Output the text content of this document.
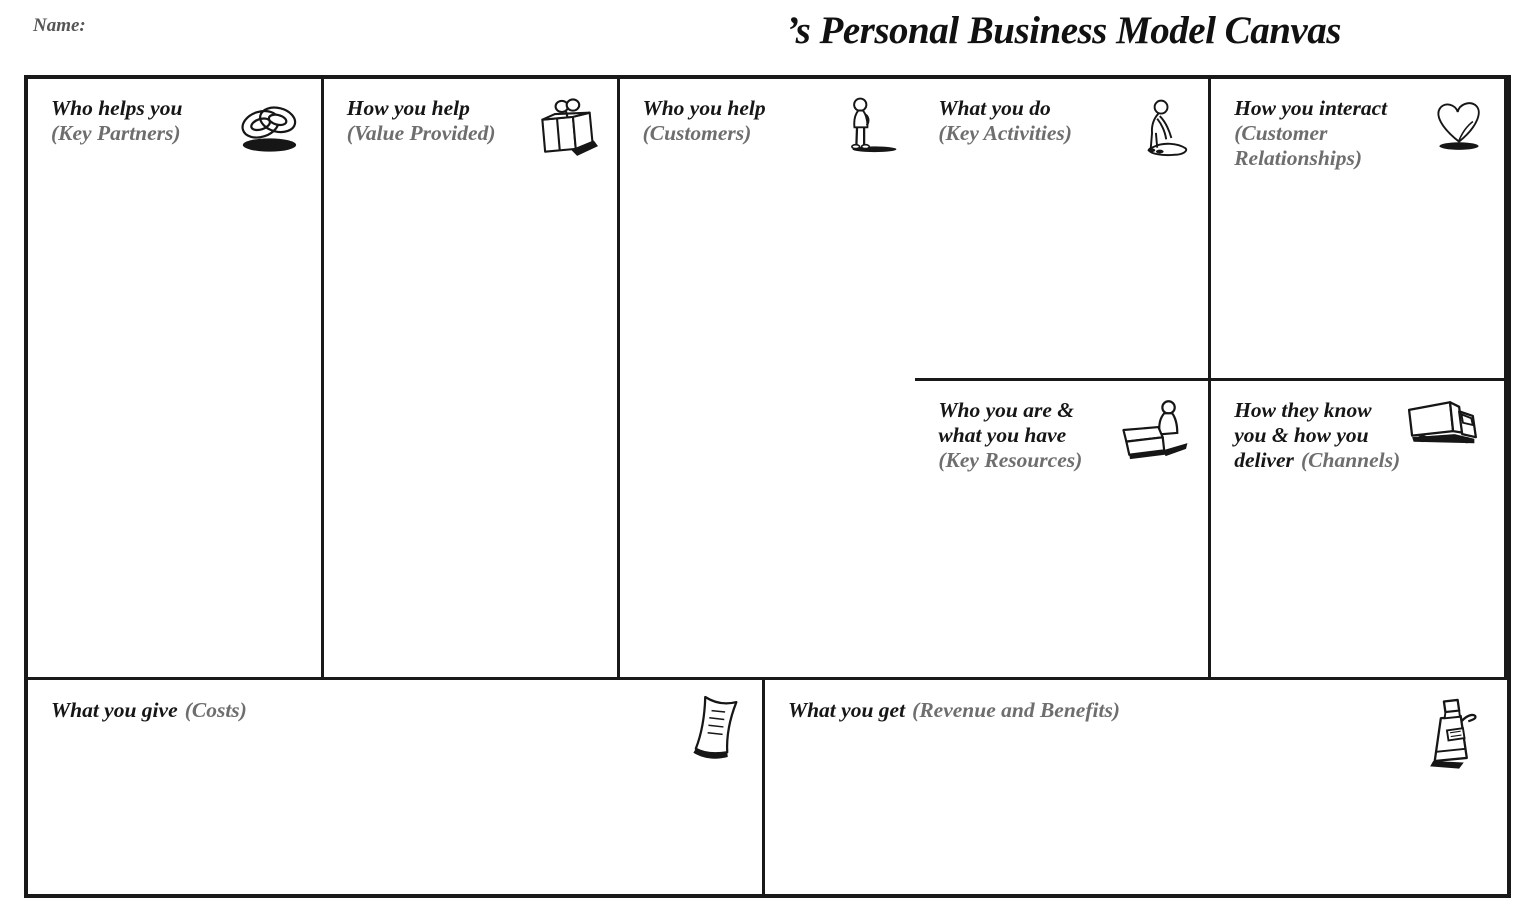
Name:	’s Personal Business Model Canvas
Who helps you
(Key Partners)
What you do
(Key Activities)
How you help
(Value Provided)
How you interact
(Customer
Relationships)
Who you help
(Customers)
Who you are &
what you have
(Key Resources)
How they know
you & how you
deliver (Channels)
What you give (Costs)	What you get (Revenue and Benefits)
